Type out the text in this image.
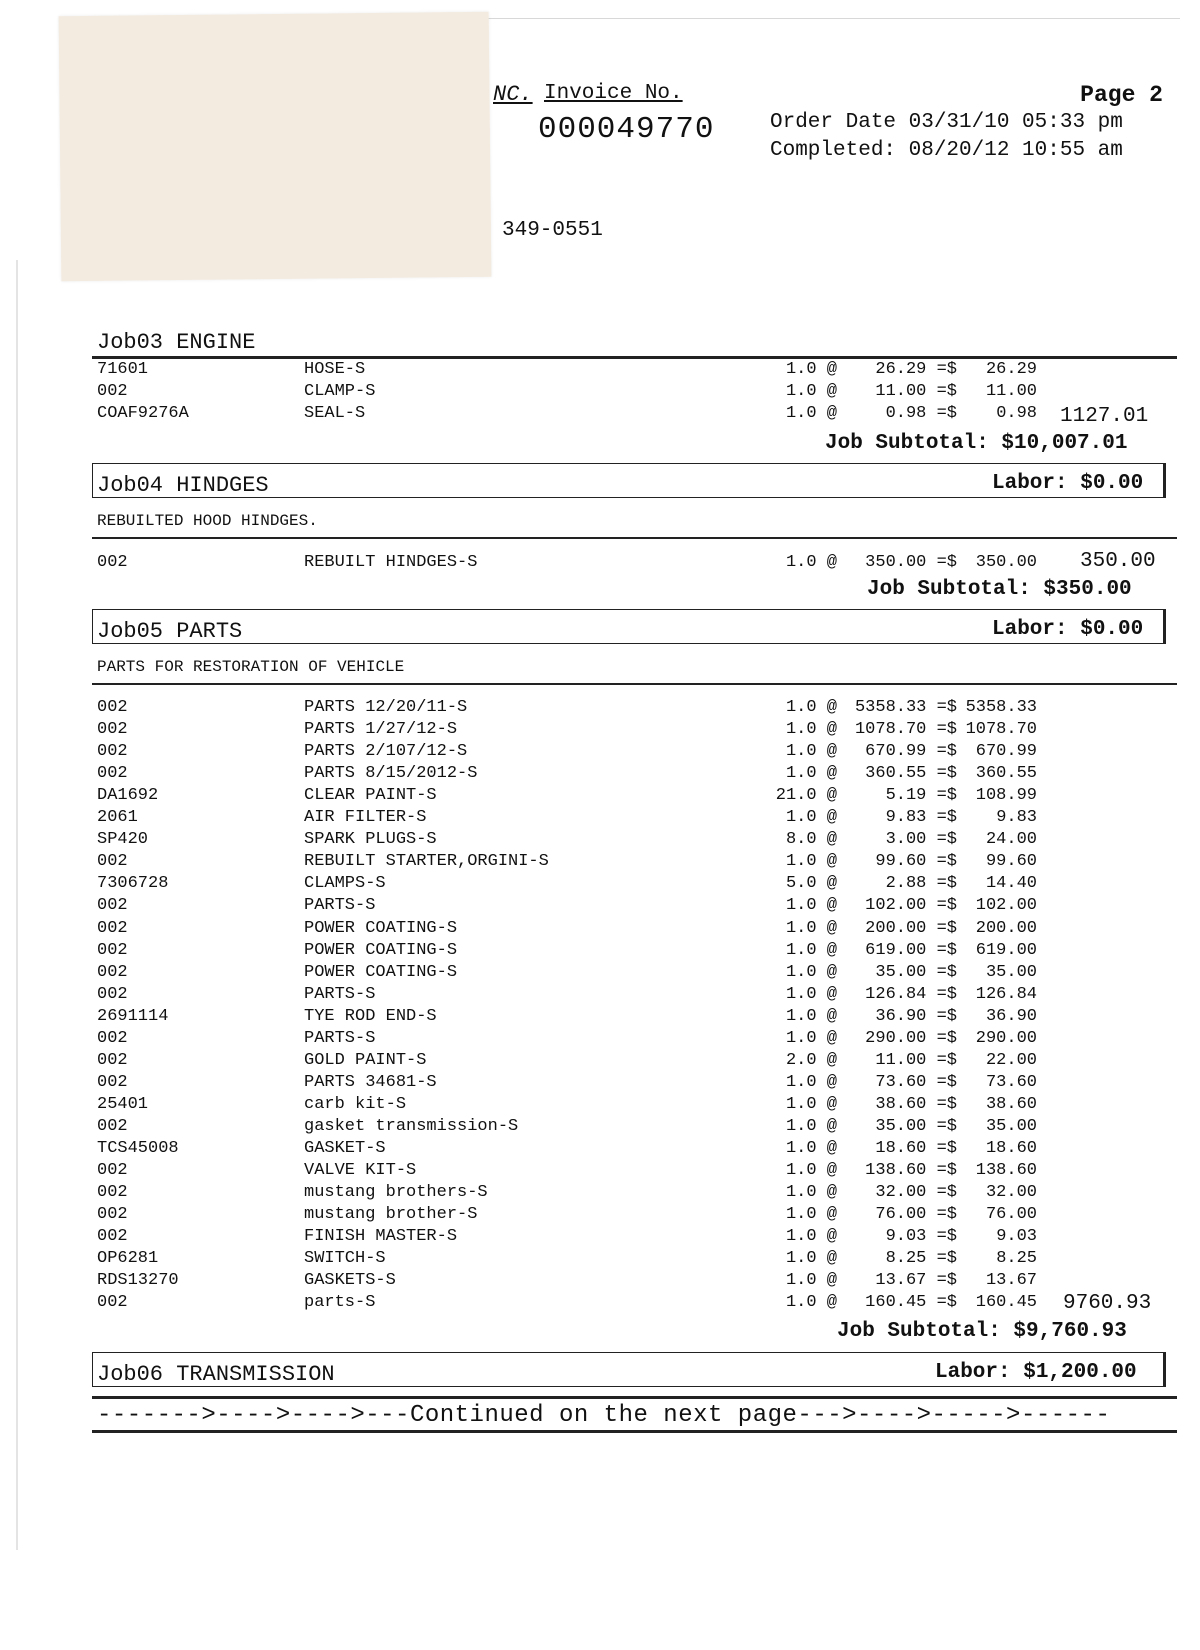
NC. Invoice No.
000049770
Page 2
Order Date 03/31/10 05:33 pm
Completed: 08/20/12 10:55 am
349-0551
Job03 ENGINE
71601	HOSE-S	1.0 @ 26.29 =$ 26.29
002	CLAMP-S	1.0 @ 11.00 =$ 11.00
COAF9276A	SEAL-S	1.0 @	0.98 =$ 0.98 1127.01
Job Subtotal: $10,007.01
Job04 HINDGES	Labor: $0.00
REBUILTED HOOD HINDGES.
002	REBUILT HINDGES-S	1.0 @ 350.00 =$ 350.00 350.00
Job Subtotal: $350.00
Job05 PARTS	Labor: $0.00
PARTS FOR RESTORATION OF VEHICLE
002	PARTS 12/20/11-S	1.0 @ 5358.33 =$ 5358.33
002	PARTS 1/27/12-S	1.0 @ 1078.70 =$ 1078.70
002	PARTS 2/107/12-S	1.0 @ 670.99 =$ 670.99
002	PARTS 8/15/2012-S	1.0 @ 360.55 =$ 360.55
DA1692	CLEAR PAINT-S	21.0 @	5.19 =$ 108.99
2061	AIR FILTER-S	1.0 @	9.83 =$ 9.83
SP420	SPARK PLUGS-S	8.0 @	3.00 =$ 24.00
002	REBUILT STARTER,ORGINI-S	1.0 @ 99.60 =$ 99.60
7306728	CLAMPS-S	5.0 @	2.88 =$ 14.40
002	PARTS-S	1.0 @ 102.00 =$ 102.00
002	POWER COATING-S	1.0 @ 200.00 =$ 200.00
002	POWER COATING-S	1.0 @ 619.00 =$ 619.00
002	POWER COATING-S	1.0 @ 35.00 =$ 35.00
002	PARTS-S	1.0 @ 126.84 =$ 126.84
2691114	TYE ROD END-S	1.0 @ 36.90 =$ 36.90
002	PARTS-S	1.0 @ 290.00 =$ 290.00
002	GOLD PAINT-S	2.0 @ 11.00 =$ 22.00
002	PARTS 34681-S	1.0 @ 73.60 =$ 73.60
25401	carb kit-S	1.0 @ 38.60 =$ 38.60
002	gasket transmission-S	1.0 @ 35.00 =$ 35.00
TCS45008	GASKET-S	1.0 @ 18.60 =$ 18.60
002	VALVE KIT-S	1.0 @ 138.60 =$ 138.60
002	mustang brothers-S	1.0 @ 32.00 =$ 32.00
002	mustang brother-S	1.0 @ 76.00 =$ 76.00
002	FINISH MASTER-S	1.0 @	9.03 =$ 9.03
OP6281	SWITCH-S	1.0 @	8.25 =$ 8.25
RDS13270	GASKETS-S	1.0 @ 13.67 =$ 13.67
002	parts-S	1.0 @ 160.45 =$ 160.45 9760.93
Job Subtotal: $9,760.93
Job06 TRANSMISSION	Labor: $1,200.00
------->---->---->---Continued on the next page--->---->----->------
